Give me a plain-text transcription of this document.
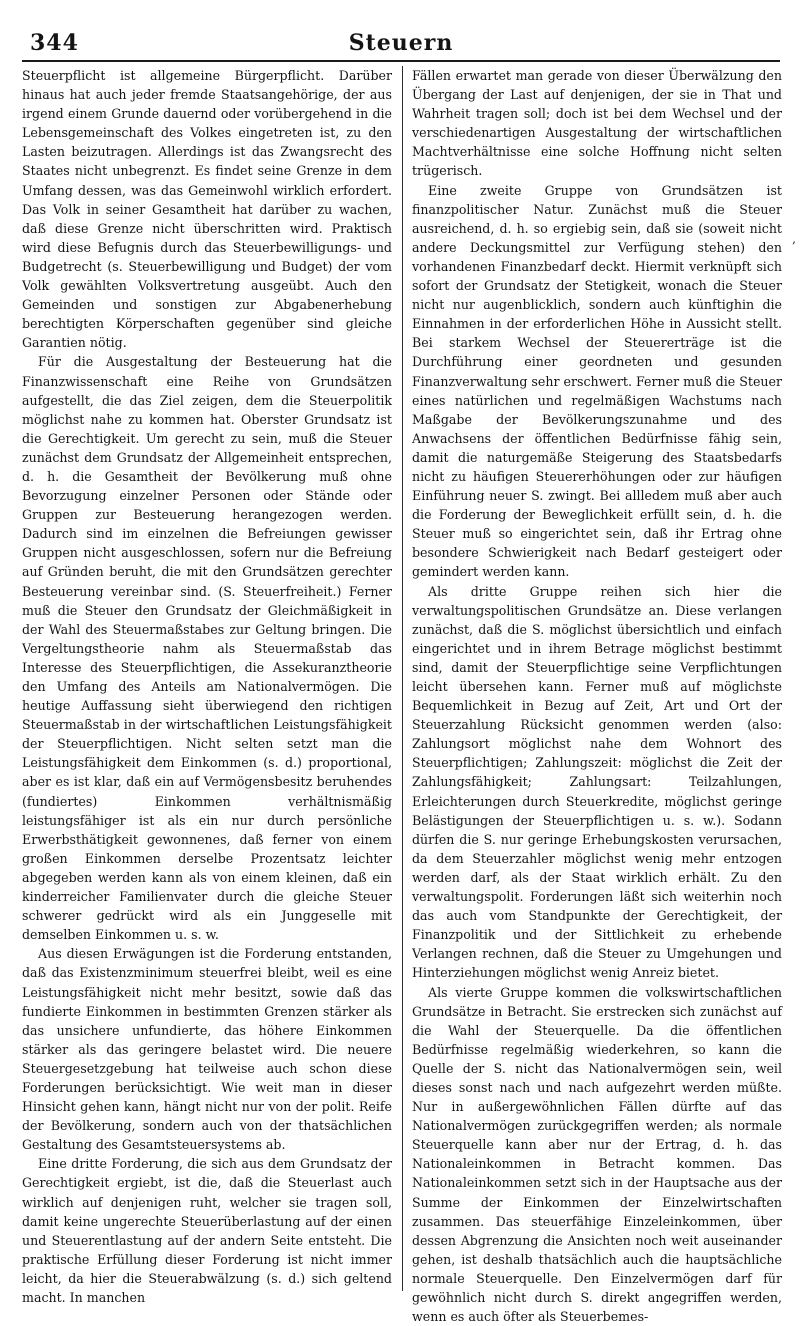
344	Steuern

Steuerpflicht ist allgemeine Bürgerpflicht. Darüber hinaus hat auch jeder fremde Staatsangehörige, der aus irgend einem Grunde dauernd oder vorübergehend in die Lebensgemeinschaft des Volkes eingetreten ist, zu den Lasten beizutragen. Allerdings ist das Zwangsrecht des Staates nicht unbegrenzt. Es findet seine Grenze in dem Umfang dessen, was das Gemeinwohl wirklich erfordert. Das Volk in seiner Gesamtheit hat darüber zu wachen, daß diese Grenze nicht überschritten wird. Praktisch wird diese Befugnis durch das Steuerbewilligungs- und Budgetrecht (s. Steuerbewilligung und Budget) der vom Volk gewählten Volksvertretung ausgeübt. Auch den Gemeinden und sonstigen zur Abgabenerhebung berechtigten Körperschaften gegenüber sind gleiche Garantien nötig.

Für die Ausgestaltung der Besteuerung hat die Finanzwissenschaft eine Reihe von Grundsätzen aufgestellt, die das Ziel zeigen, dem die Steuerpolitik möglichst nahe zu kommen hat. Oberster Grundsatz ist die Gerechtigkeit. Um gerecht zu sein, muß die Steuer zunächst dem Grundsatz der Allgemeinheit entsprechen, d. h. die Gesamtheit der Bevölkerung muß ohne Bevorzugung einzelner Personen oder Stände oder Gruppen zur Besteuerung herangezogen werden. Dadurch sind im einzelnen die Befreiungen gewisser Gruppen nicht ausgeschlossen, sofern nur die Befreiung auf Gründen beruht, die mit den Grundsätzen gerechter Besteuerung vereinbar sind. (S. Steuerfreiheit.) Ferner muß die Steuer den Grundsatz der Gleichmäßigkeit in der Wahl des Steuermaßstabes zur Geltung bringen. Die Vergeltungstheorie nahm als Steuermaßstab das Interesse des Steuerpflichtigen, die Assekuranztheorie den Umfang des Anteils am Nationalvermögen. Die heutige Auffassung sieht überwiegend den richtigen Steuermaßstab in der wirtschaftlichen Leistungsfähigkeit der Steuerpflichtigen. Nicht selten setzt man die Leistungsfähigkeit dem Einkommen (s. d.) proportional, aber es ist klar, daß ein auf Vermögensbesitz beruhendes (fundiertes) Einkommen verhältnismäßig leistungsfähiger ist als ein nur durch persönliche Erwerbsthätigkeit gewonnenes, daß ferner von einem großen Einkommen derselbe Prozentsatz leichter abgegeben werden kann als von einem kleinen, daß ein kinderreicher Familienvater durch die gleiche Steuer schwerer gedrückt wird als ein Junggeselle mit demselben Einkommen u. s. w.

Aus diesen Erwägungen ist die Forderung entstanden, daß das Existenzminimum steuerfrei bleibt, weil es eine Leistungsfähigkeit nicht mehr besitzt, sowie daß das fundierte Einkommen in bestimmten Grenzen stärker als das unsichere unfundierte, das höhere Einkommen stärker als das geringere belastet wird. Die neuere Steuergesetzgebung hat teilweise auch schon diese Forderungen berücksichtigt. Wie weit man in dieser Hinsicht gehen kann, hängt nicht nur von der polit. Reife der Bevölkerung, sondern auch von der thatsächlichen Gestaltung des Gesamtsteuersystems ab.

Eine dritte Forderung, die sich aus dem Grundsatz der Gerechtigkeit ergiebt, ist die, daß die Steuerlast auch wirklich auf denjenigen ruht, welcher sie tragen soll, damit keine ungerechte Steuerüberlastung auf der einen und Steuerentlastung auf der andern Seite entsteht. Die praktische Erfüllung dieser Forderung ist nicht immer leicht, da hier die Steuerabwälzung (s. d.) sich geltend macht. In manchen

Fällen erwartet man gerade von dieser Überwälzung den Übergang der Last auf denjenigen, der sie in That und Wahrheit tragen soll; doch ist bei dem Wechsel und der verschiedenartigen Ausgestaltung der wirtschaftlichen Machtverhältnisse eine solche Hoffnung nicht selten trügerisch.

Eine zweite Gruppe von Grundsätzen ist finanzpolitischer Natur. Zunächst muß die Steuer ausreichend, d. h. so ergiebig sein, daß sie (soweit nicht andere Deckungsmittel zur Verfügung stehen) den vorhandenen Finanzbedarf deckt. Hiermit verknüpft sich sofort der Grundsatz der Stetigkeit, wonach die Steuer nicht nur augenblicklich, sondern auch künftighin die Einnahmen in der erforderlichen Höhe in Aussicht stellt. Bei starkem Wechsel der Steuererträge ist die Durchführung einer geordneten und gesunden Finanzverwaltung sehr erschwert. Ferner muß die Steuer eines natürlichen und regelmäßigen Wachstums nach Maßgabe der Bevölkerungszunahme und des Anwachsens der öffentlichen Bedürfnisse fähig sein, damit die naturgemäße Steigerung des Staatsbedarfs nicht zu häufigen Steuererhöhungen oder zur häufigen Einführung neuer S. zwingt. Bei allledem muß aber auch die Forderung der Beweglichkeit erfüllt sein, d. h. die Steuer muß so eingerichtet sein, daß ihr Ertrag ohne besondere Schwierigkeit nach Bedarf gesteigert oder gemindert werden kann.

Als dritte Gruppe reihen sich hier die verwaltungspolitischen Grundsätze an. Diese verlangen zunächst, daß die S. möglichst übersichtlich und einfach eingerichtet und in ihrem Betrage möglichst bestimmt sind, damit der Steuerpflichtige seine Verpflichtungen leicht übersehen kann. Ferner muß auf möglichste Bequemlichkeit in Bezug auf Zeit, Art und Ort der Steuerzahlung Rücksicht genommen werden (also: Zahlungsort möglichst nahe dem Wohnort des Steuerpflichtigen; Zahlungszeit: möglichst die Zeit der Zahlungsfähigkeit; Zahlungsart: Teilzahlungen, Erleichterungen durch Steuerkredite, möglichst geringe Belästigungen der Steuerpflichtigen u. s. w.). Sodann dürfen die S. nur geringe Erhebungskosten verursachen, da dem Steuerzahler möglichst wenig mehr entzogen werden darf, als der Staat wirklich erhält. Zu den verwaltungspolit. Forderungen läßt sich weiterhin noch das auch vom Standpunkte der Gerechtigkeit, der Finanzpolitik und der Sittlichkeit zu erhebende Verlangen rechnen, daß die Steuer zu Umgehungen und Hinterziehungen möglichst wenig Anreiz bietet.

Als vierte Gruppe kommen die volkswirtschaftlichen Grundsätze in Betracht. Sie erstrecken sich zunächst auf die Wahl der Steuerquelle. Da die öffentlichen Bedürfnisse regelmäßig wiederkehren, so kann die Quelle der S. nicht das Nationalvermögen sein, weil dieses sonst nach und nach aufgezehrt werden müßte. Nur in außergewöhnlichen Fällen dürfte auf das Nationalvermögen zurückgegriffen werden; als normale Steuerquelle kann aber nur der Ertrag, d. h. das Nationaleinkommen in Betracht kommen. Das Nationaleinkommen setzt sich in der Hauptsache aus der Summe der Einkommen der Einzelwirtschaften zusammen. Das steuerfähige Einzeleinkommen, über dessen Abgrenzung die Ansichten noch weit auseinander gehen, ist deshalb thatsächlich auch die hauptsächliche normale Steuerquelle. Den Einzelvermögen darf für gewöhnlich nicht durch S. direkt angegriffen werden, wenn es auch öfter als Steuerbemes-

,
